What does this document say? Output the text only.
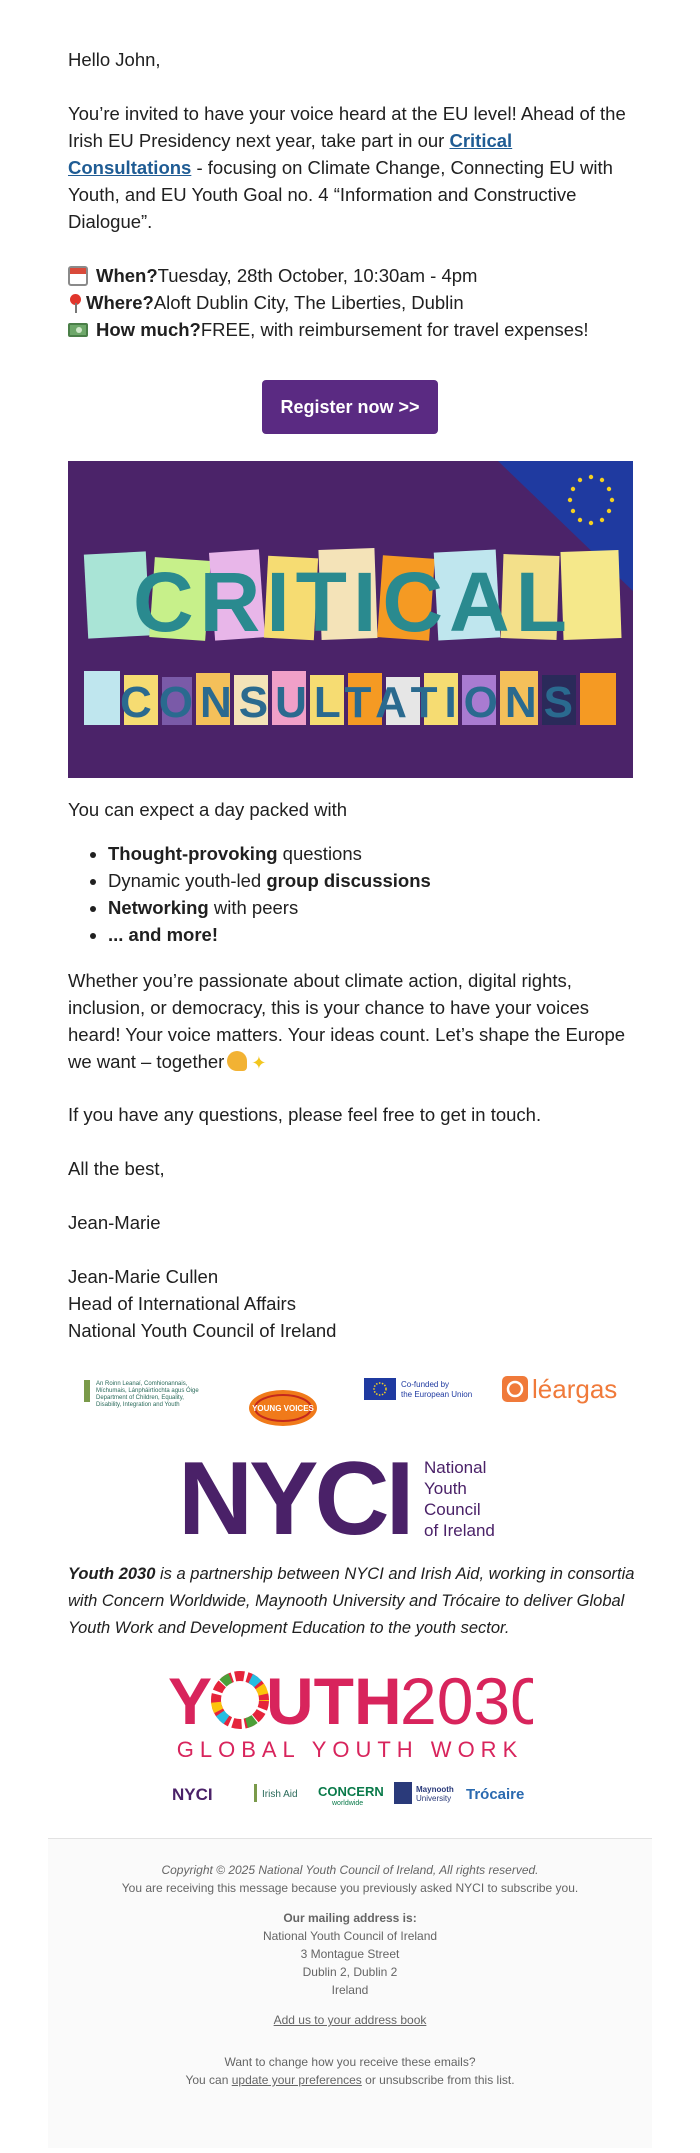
Hello John,

You’re invited to have your voice heard at the EU level! Ahead of the Irish EU Presidency next year, take part in our Critical Consultations - focusing on Climate Change, Connecting EU with Youth, and EU Youth Goal no. 4 “Information and Constructive Dialogue”.

When? Tuesday, 28th October, 10:30am - 4pm
Where? Aloft Dublin City, The Liberties, Dublin
How much? FREE, with reimbursement for travel expenses!
Register now >>
CRITICAL
CONSULTATIONS

You can expect a day packed with

• Thought-provoking questions
• Dynamic youth-led group discussions
• Networking with peers
• ... and more!

Whether you’re passionate about climate action, digital rights, inclusion, or democracy, this is your chance to have your voices heard! Your voice matters. Your ideas count. Let’s shape the Europe we want – together ✦

If you have any questions, please feel free to get in touch.

All the best,

Jean-Marie

Jean-Marie Cullen

Head of International Affairs

National Youth Council of Ireland

An Roinn Leanaí, Comhionannais,
Míchumais, Lánpháirtíochta agus Óige
Department of Children, Equality,
Disability, Integration and Youth	YOUNG VOICES
Co-funded by
the European Union léargas
NYCI National
Youth
Council
of Ireland

Youth 2030 is a partnership between NYCI and Irish Aid, working in consortia with Concern Worldwide, Maynooth University and Trócaire to deliver Global Youth Work and Development Education to the youth sector.

Y UTH
2030
GLOBAL YOUTH WORK
NYCI	Irish Aid CONCERN
worldwide
Maynooth
University Trócaire
Copyright © 2025 National Youth Council of Ireland, All rights reserved.
You are receiving this message because you previously asked NYCI to subscribe you.
Our mailing address is:
National Youth Council of Ireland
3 Montague Street
Dublin 2, Dublin 2
Ireland
Add us to your address book
Want to change how you receive these emails?
You can update your preferences or unsubscribe from this list.
